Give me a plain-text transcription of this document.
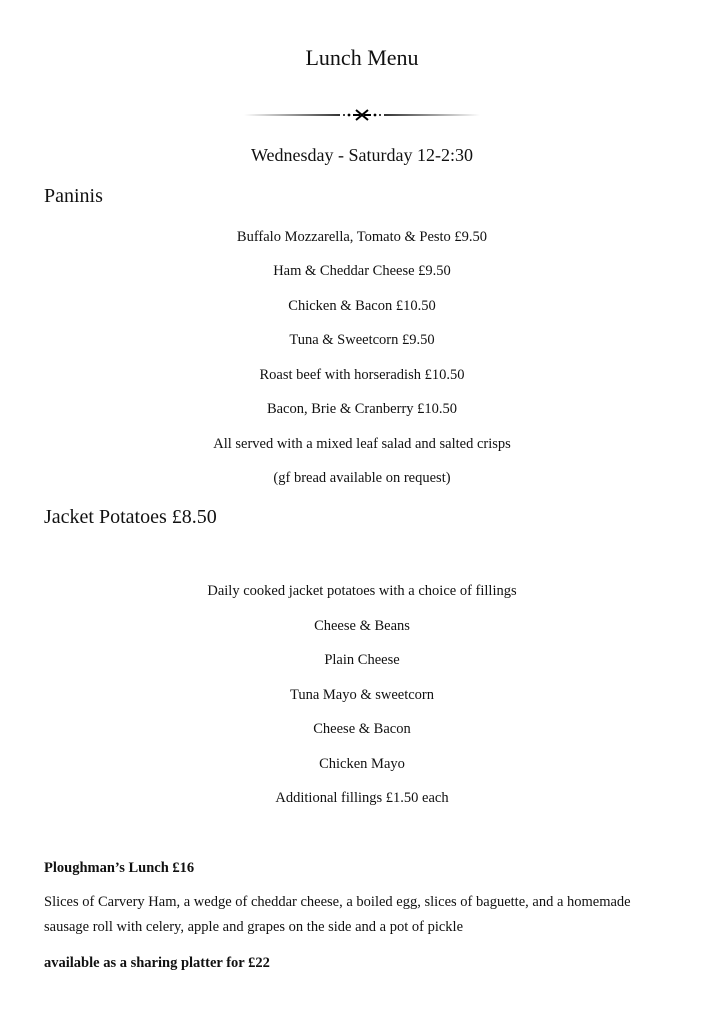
Lunch Menu
Wednesday - Saturday 12-2:30
Paninis
Buffalo Mozzarella, Tomato & Pesto £9.50
Ham & Cheddar Cheese £9.50
Chicken & Bacon £10.50
Tuna & Sweetcorn £9.50
Roast beef with horseradish £10.50
Bacon, Brie & Cranberry £10.50
All served with a mixed leaf salad and salted crisps
(gf bread available on request)
Jacket Potatoes £8.50
Daily cooked jacket potatoes with a choice of fillings
Cheese & Beans
Plain Cheese
Tuna Mayo & sweetcorn
Cheese & Bacon
Chicken Mayo
Additional fillings £1.50 each
Ploughman’s Lunch £16
Slices of Carvery Ham, a wedge of cheddar cheese, a boiled egg, slices of baguette, and a homemade
sausage roll with celery, apple and grapes on the side and a pot of pickle
available as a sharing platter for £22
